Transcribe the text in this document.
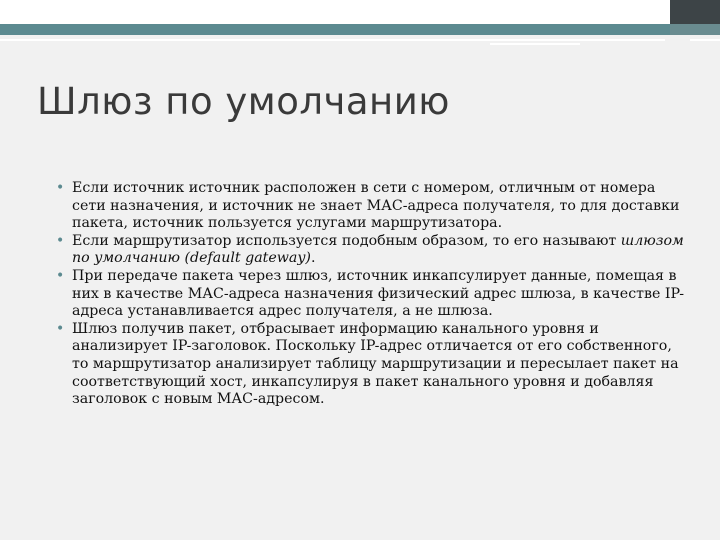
Шлюз по умолчанию
• Если источник источник расположен в сети с номером, отличным от номера сети назначения, и источник не знает МАС-адреса получателя, то для доставки пакета, источник пользуется услугами маршрутизатора.
• Если маршрутизатор используется подобным образом, то его называют шлюзом по умолчанию (default gateway).
• При передаче пакета через шлюз, источник инкапсулирует данные, помещая в них в качестве МАС-адреса назначения физический адрес шлюза, в качестве IP-адреса устанавливается адрес получателя, а не шлюза.
• Шлюз получив пакет, отбрасывает информацию канального уровня и анализирует IP-заголовок. Поскольку IP-адрес отличается от его собственного, то маршрутизатор анализирует таблицу маршрутизации и пересылает пакет на соответствующий хост, инкапсулируя в пакет канального уровня и добавляя заголовок с новым МАС-адресом.
